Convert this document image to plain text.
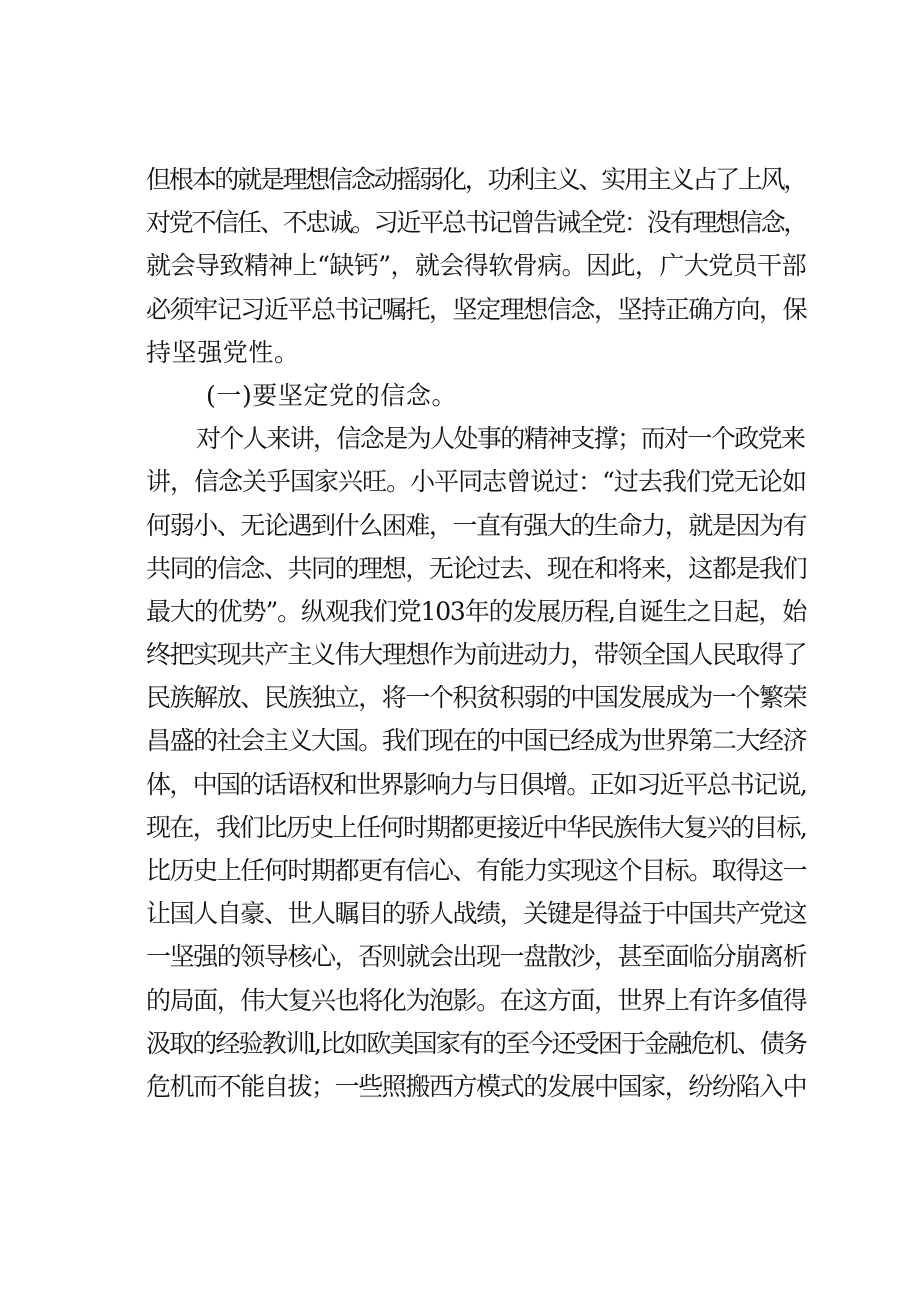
但根本的就是理想信念动摇弱化，功利主义、实用主义占了上风，
对党不信任、不忠诚。习近平总书记曾告诫全党：没有理想信念，
就会导致精神上“缺钙”，就会得软骨病。因此，广大党员干部
必须牢记习近平总书记嘱托，坚定理想信念，坚持正确方向，保
持坚强党性。
(一)要坚定党的信念。
对个人来讲，信念是为人处事的精神支撑；而对一个政党来
讲，信念关乎国家兴旺。小平同志曾说过：“过去我们党无论如
何弱小、无论遇到什么困难，一直有强大的生命力，就是因为有
共同的信念、共同的理想，无论过去、现在和将来，这都是我们
最大的优势”。纵观我们党103年的发展历程,自诞生之日起，始
终把实现共产主义伟大理想作为前进动力，带领全国人民取得了
民族解放、民族独立，将一个积贫积弱的中国发展成为一个繁荣
昌盛的社会主义大国。我们现在的中国已经成为世界第二大经济
体，中国的话语权和世界影响力与日俱增。正如习近平总书记说,
现在，我们比历史上任何时期都更接近中华民族伟大复兴的目标,
比历史上任何时期都更有信心、有能力实现这个目标。取得这一
让国人自豪、世人瞩目的骄人战绩，关键是得益于中国共产党这
一坚强的领导核心，否则就会出现一盘散沙，甚至面临分崩离析
的局面，伟大复兴也将化为泡影。在这方面，世界上有许多值得
汲取的经验教训l,比如欧美国家有的至今还受困于金融危机、债务
危机而不能自拔；一些照搬西方模式的发展中国家，纷纷陷入中
